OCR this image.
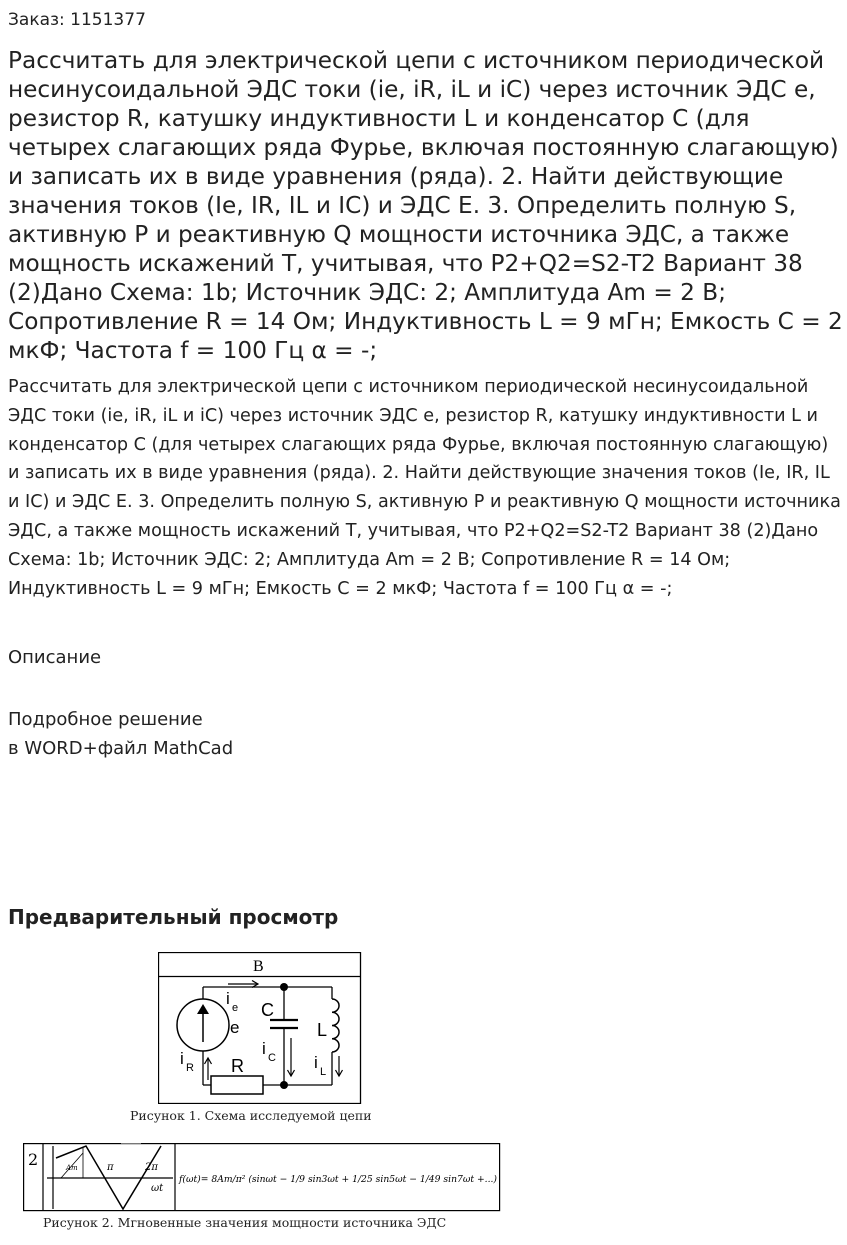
Заказ: 1151377
Рассчитать для электрической цепи с источником периодической несинусоидальной ЭДС токи (ie, iR, iL и iC) через источник ЭДС е, резистор R, катушку индуктивности L и конденсатор С (для четырех слагающих ряда Фурье, включая постоянную слагающую) и записать их в виде уравнения (ряда). 2. Найти действующие значения токов (Ie, IR, IL и IC) и ЭДС Е. 3. Определить полную S, активную P и реактивную Q мощности источника ЭДС, а также мощность искажений Т, учитывая, что P2+Q2=S2-T2 Вариант 38 (2)Дано Схема: 1b; Источник ЭДС: 2; Амплитуда Am = 2 В; Сопротивление R = 14 Ом; Индуктивность L = 9 мГн; Емкость С = 2 мкФ; Частота f = 100 Гц α = -;

Рассчитать для электрической цепи с источником периодической несинусоидальной ЭДС токи (ie, iR, iL и iC) через источник ЭДС е, резистор R, катушку индуктивности L и конденсатор С (для четырех слагающих ряда Фурье, включая постоянную слагающую) и записать их в виде уравнения (ряда). 2. Найти действующие значения токов (Ie, IR, IL и IC) и ЭДС Е. 3. Определить полную S, активную P и реактивную Q мощности источника ЭДС, а также мощность искажений Т, учитывая, что P2+Q2=S2-T2 Вариант 38 (2)Дано Схема: 1b; Источник ЭДС: 2; Амплитуда Am = 2 В; Сопротивление R = 14 Ом; Индуктивность L = 9 мГн; Емкость С = 2 мкФ; Частота f = 100 Гц α = -;

Описание
Подробное решение
в WORD+файл MathCad
Предварительный просмотр
В
i e
e
C
L
R
i C
i R	i L
Рисунок 1. Схема исследуемой цепи
2	Am	π	2π
ωt
f(ωt)= 8Am/π² (sinωt − 1/9 sin3ωt + 1/25 sin5ωt − 1/49 sin7ωt +...)
Рисунок 2. Мгновенные значения мощности источника ЭДС
